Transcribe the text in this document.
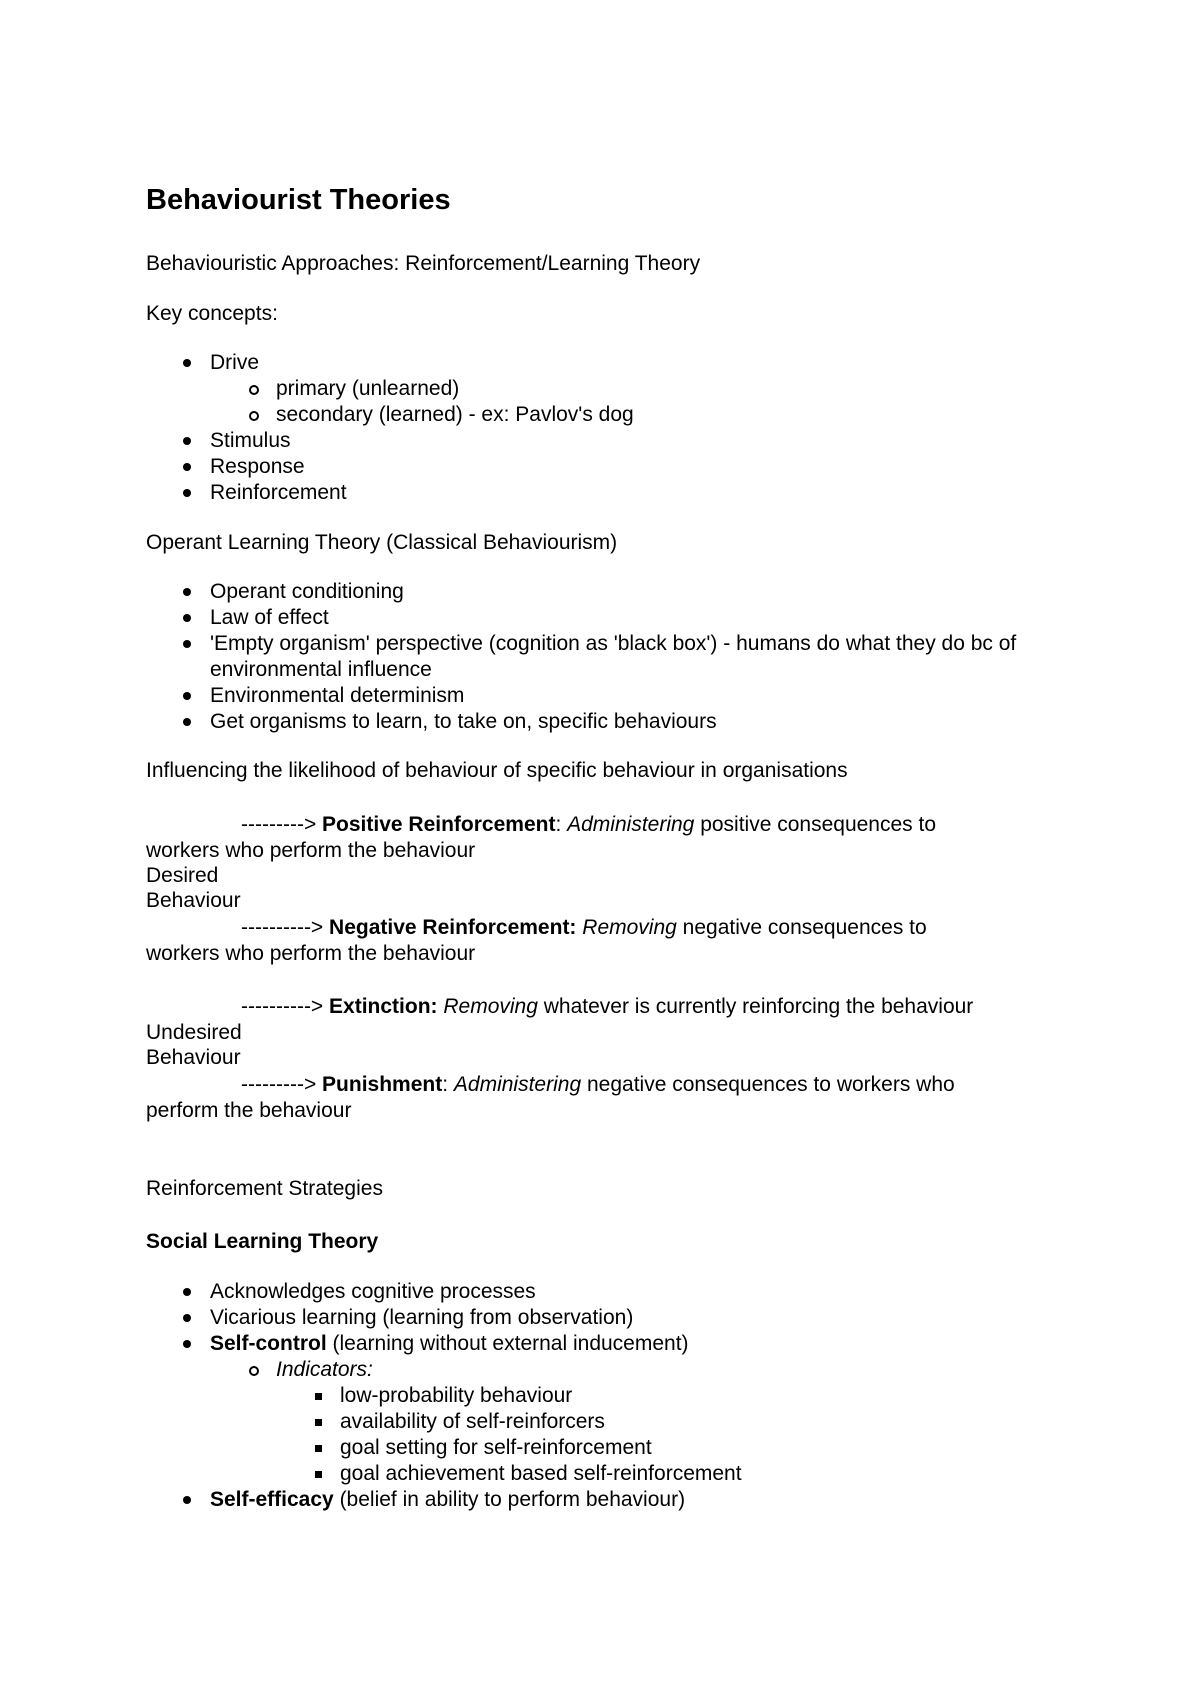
Behaviourist Theories
Behaviouristic Approaches: Reinforcement/Learning Theory
Key concepts:
Drive
primary (unlearned)
secondary (learned) - ex: Pavlov's dog
Stimulus
Response
Reinforcement
Operant Learning Theory (Classical Behaviourism)
Operant conditioning
Law of effect
'Empty organism' perspective (cognition as 'black box') - humans do what they do bc of environmental influence
Environmental determinism
Get organisms to learn, to take on, specific behaviours
Influencing the likelihood of behaviour of specific behaviour in organisations
---------> Positive Reinforcement: Administering positive consequences to
workers who perform the behaviour
Desired
Behaviour
----------> Negative Reinforcement: Removing negative consequences to
workers who perform the behaviour
----------> Extinction: Removing whatever is currently reinforcing the behaviour
Undesired
Behaviour
---------> Punishment: Administering negative consequences to workers who
perform the behaviour
Reinforcement Strategies
Social Learning Theory
Acknowledges cognitive processes
Vicarious learning (learning from observation)
Self-control (learning without external inducement)
Indicators:
low-probability behaviour
availability of self-reinforcers
goal setting for self-reinforcement
goal achievement based self-reinforcement
Self-efficacy (belief in ability to perform behaviour)
